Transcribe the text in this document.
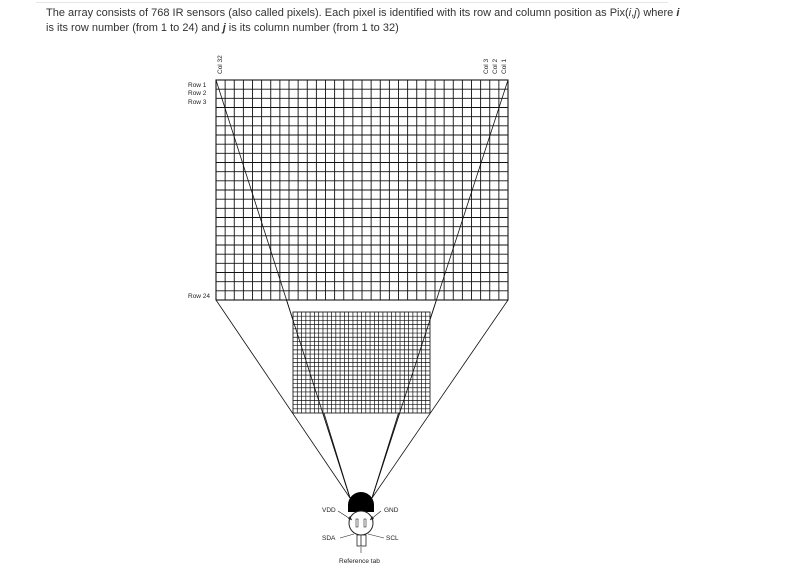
The array consists of 768 IR sensors (also called pixels). Each pixel is identified with its row and column position as Pix(i,j) where i is its row number (from 1 to 24) and j is its column number (from 1 to 32)
Row 1
Row 2
Row 3
Row 24
Col 32	Col 3 Col 2 Col 1
VDD	GND
SDA	SCL
Reference tab
